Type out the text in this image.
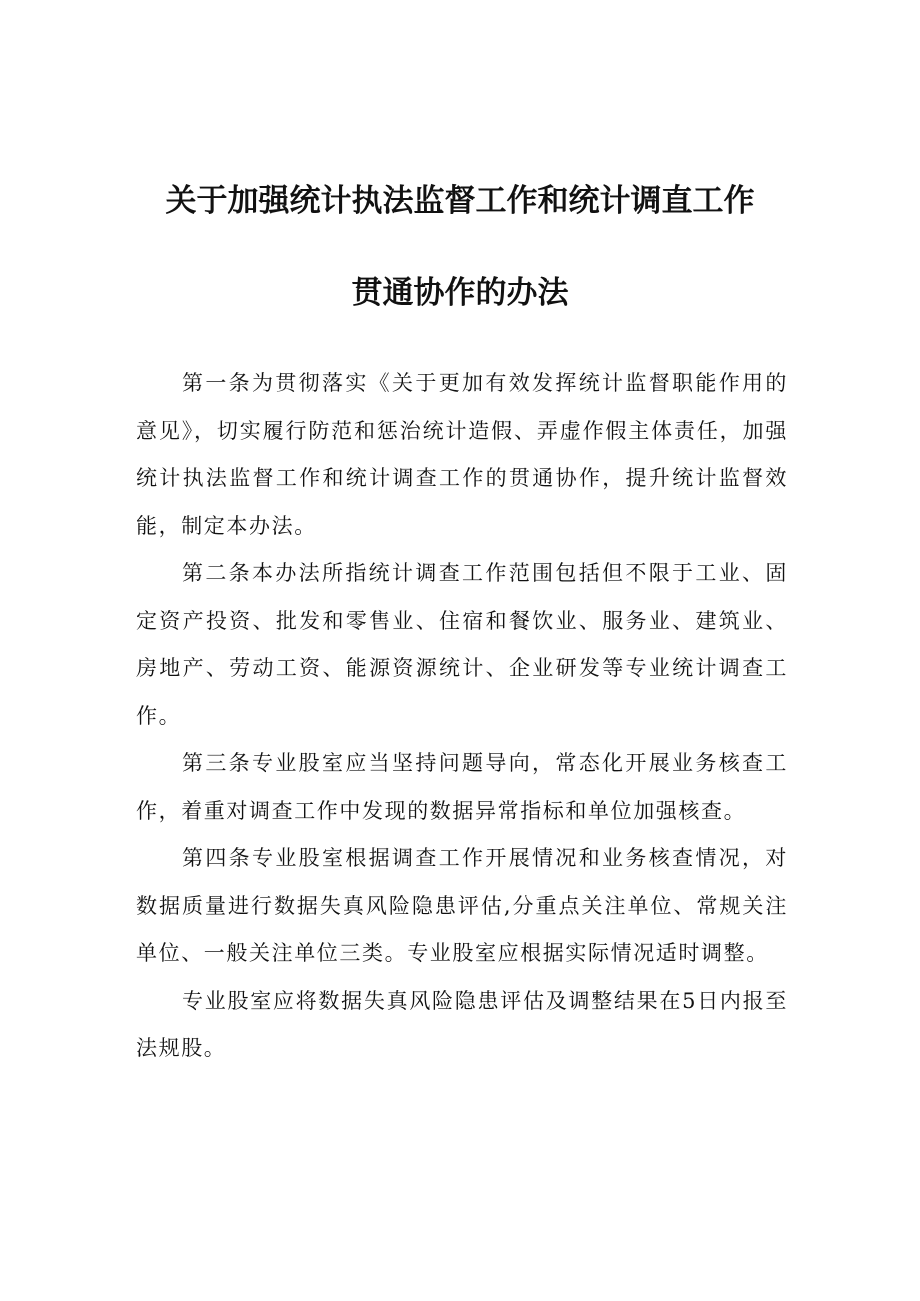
关于加强统计执法监督工作和统计调直工作
贯通协作的办法

第一条为贯彻落实《关于更加有效发挥统计监督职能作用的意见》，切实履行防范和惩治统计造假、弄虚作假主体责任，加强统计执法监督工作和统计调查工作的贯通协作，提升统计监督效能，制定本办法。

第二条本办法所指统计调查工作范围包括但不限于工业、固定资产投资、批发和零售业、住宿和餐饮业、服务业、建筑业、房地产、劳动工资、能源资源统计、企业研发等专业统计调查工作。

第三条专业股室应当坚持问题导向，常态化开展业务核查工作，着重对调查工作中发现的数据异常指标和单位加强核查。

第四条专业股室根据调查工作开展情况和业务核查情况，对数据质量进行数据失真风险隐患评估,分重点关注单位、常规关注单位、一般关注单位三类。专业股室应根据实际情况适时调整。

专业股室应将数据失真风险隐患评估及调整结果在5日内报至法规股。
